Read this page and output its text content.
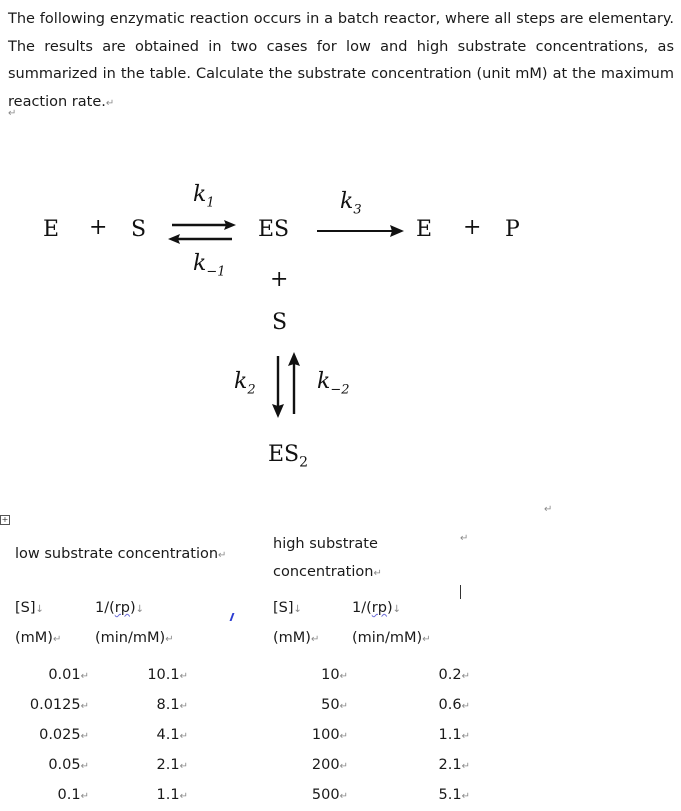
The following enzymatic reaction occurs in a batch reactor, where all steps are elementary. The results are obtained in two cases for low and high substrate concentrations, as summarized in the table. Calculate the substrate concentration (unit mM) at the maximum reaction rate.↵
↵
E + S
$k_1$
$k_{-1}$
ES
$k_3$
E + P
+
S
$k_2$	$k_{-2}$
$ES_2$
+
↵
low substrate concentration↵
[S]↓
(mM)↵
1/(rp)↓
(min/mM)↵
0.01↵
0.0125↵
0.025↵
0.05↵
0.1↵
10.1↵
8.1↵
4.1↵
2.1↵
1.1↵
high substrate
concentration↵
↵
[S]↓
(mM)↵
1/(rp)↓
(min/mM)↵
10↵
50↵
100↵
200↵
500↵
0.2↵
0.6↵
1.1↵
2.1↵
5.1↵
